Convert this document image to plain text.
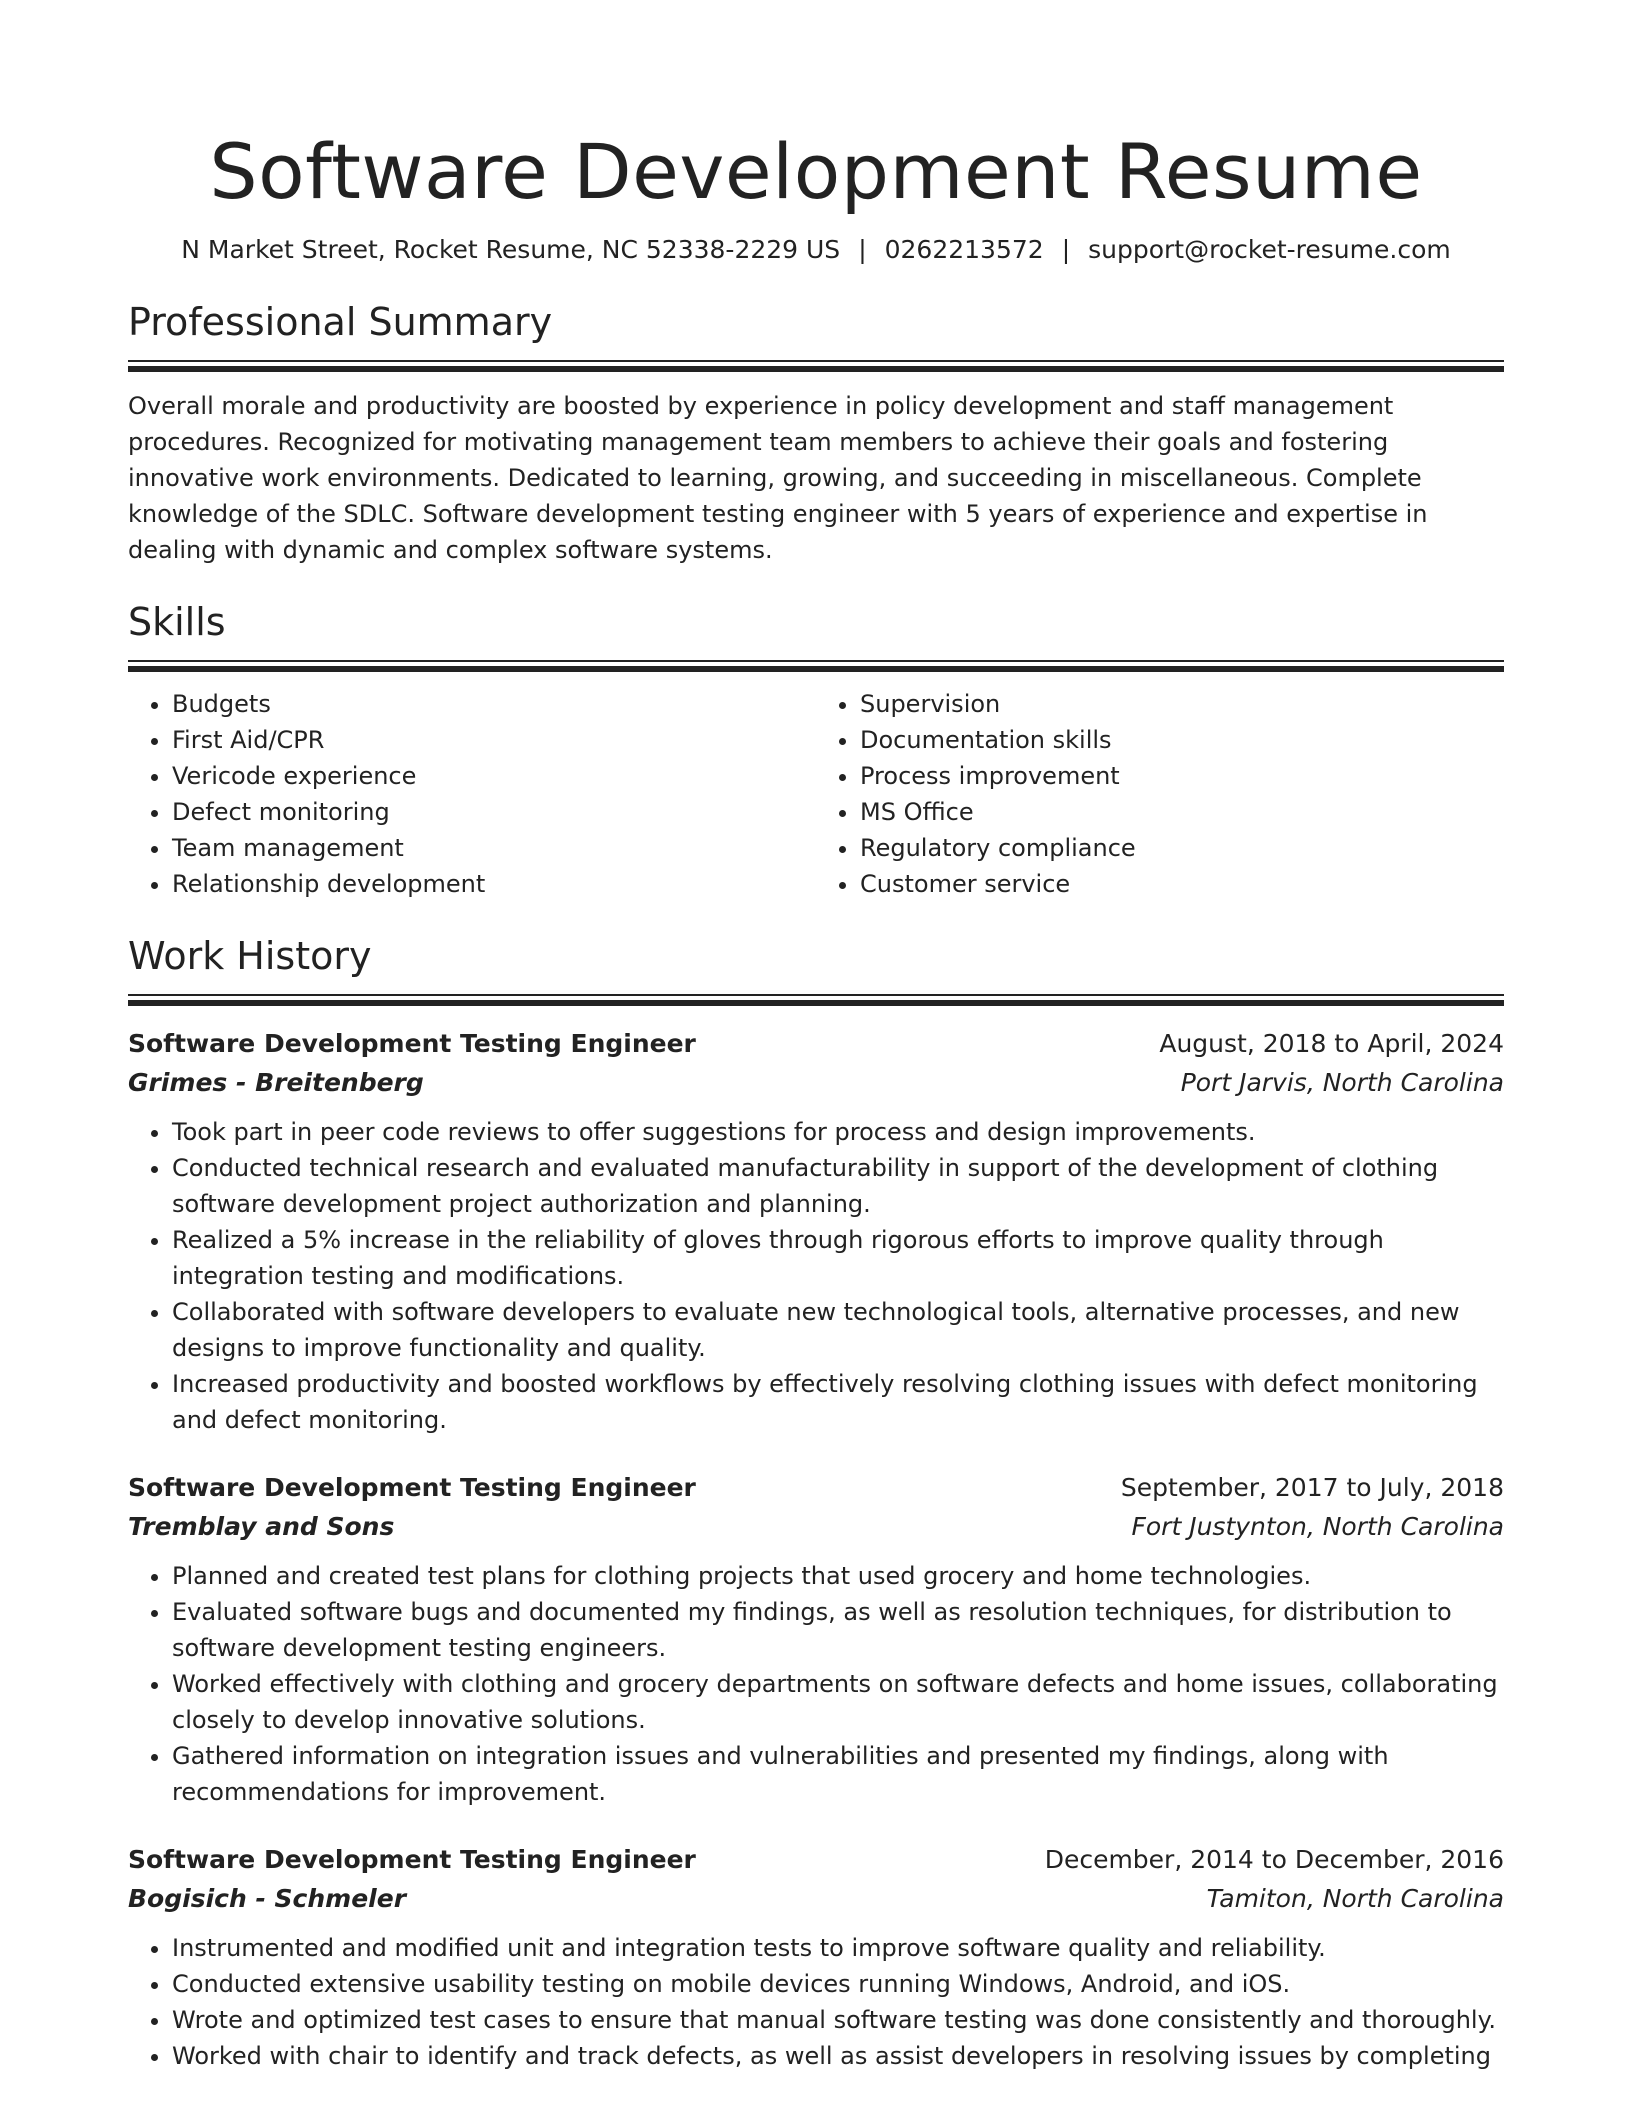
Software Development Resume
N Market Street, Rocket Resume, NC 52338-2229 US | 0262213572 | support@rocket-resume.com
Professional Summary
Overall morale and productivity are boosted by experience in policy development and staff management procedures. Recognized for motivating management team members to achieve their goals and fostering innovative work environments. Dedicated to learning, growing, and succeeding in miscellaneous. Complete knowledge of the SDLC. Software development testing engineer with 5 years of experience and expertise in dealing with dynamic and complex software systems.
Skills
• Budgets
• First Aid/CPR
• Vericode experience
• Defect monitoring
• Team management
• Relationship development
• Supervision
• Documentation skills
• Process improvement
• MS Office
• Regulatory compliance
• Customer service
Work History
Software Development Testing Engineer	August, 2018 to April, 2024
Grimes - Breitenberg	Port Jarvis, North Carolina
• Took part in peer code reviews to offer suggestions for process and design improvements.
• Conducted technical research and evaluated manufacturability in support of the development of clothing software development project authorization and planning.
• Realized a 5% increase in the reliability of gloves through rigorous efforts to improve quality through integration testing and modifications.
• Collaborated with software developers to evaluate new technological tools, alternative processes, and new designs to improve functionality and quality.
• Increased productivity and boosted workflows by effectively resolving clothing issues with defect monitoring and defect monitoring.
Software Development Testing Engineer	September, 2017 to July, 2018
Tremblay and Sons	Fort Justynton, North Carolina
• Planned and created test plans for clothing projects that used grocery and home technologies.
• Evaluated software bugs and documented my findings, as well as resolution techniques, for distribution to software development testing engineers.
• Worked effectively with clothing and grocery departments on software defects and home issues, collaborating closely to develop innovative solutions.
• Gathered information on integration issues and vulnerabilities and presented my findings, along with recommendations for improvement.
Software Development Testing Engineer	December, 2014 to December, 2016
Bogisich - Schmeler	Tamiton, North Carolina
• Instrumented and modified unit and integration tests to improve software quality and reliability.
• Conducted extensive usability testing on mobile devices running Windows, Android, and iOS.
• Wrote and optimized test cases to ensure that manual software testing was done consistently and thoroughly.
• Worked with chair to identify and track defects, as well as assist developers in resolving issues by completing
